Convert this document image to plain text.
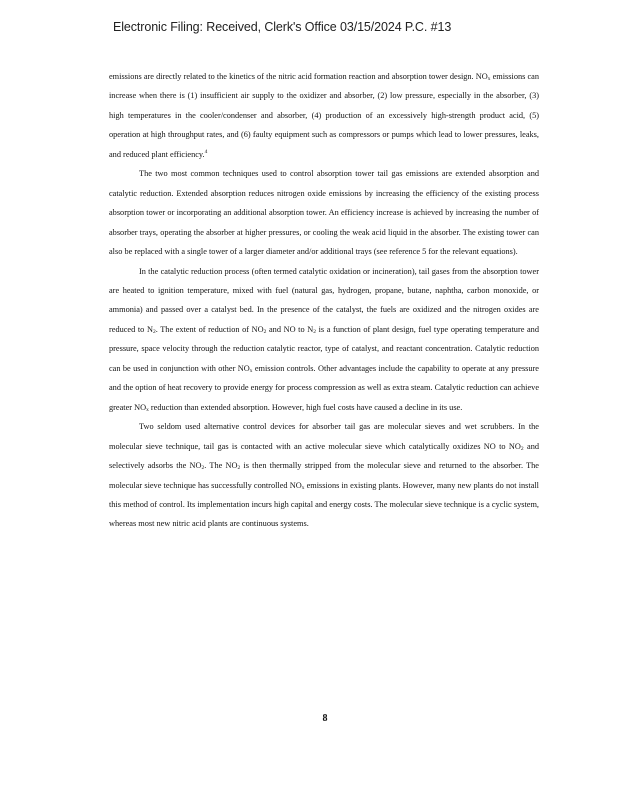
Electronic Filing: Received, Clerk's Office 03/15/2024 P.C. #13

emissions are directly related to the kinetics of the nitric acid formation reaction and absorption tower design. $NO_x$ emissions can increase when there is (1) insufficient air supply to the oxidizer and absorber, (2) low pressure, especially in the absorber, (3) high temperatures in the cooler/condenser and absorber, (4) production of an excessively high-strength product acid, (5) operation at high throughput rates, and (6) faulty equipment such as compressors or pumps which lead to lower pressures, leaks, and reduced plant efficiency.$^4$

The two most common techniques used to control absorption tower tail gas emissions are extended absorption and catalytic reduction. Extended absorption reduces nitrogen oxide emissions by increasing the efficiency of the existing process absorption tower or incorporating an additional absorption tower. An efficiency increase is achieved by increasing the number of absorber trays, operating the absorber at higher pressures, or cooling the weak acid liquid in the absorber. The existing tower can also be replaced with a single tower of a larger diameter and/or additional trays (see reference 5 for the relevant equations).

In the catalytic reduction process (often termed catalytic oxidation or incineration), tail gases from the absorption tower are heated to ignition temperature, mixed with fuel (natural gas, hydrogen, propane, butane, naphtha, carbon monoxide, or ammonia) and passed over a catalyst bed. In the presence of the catalyst, the fuels are oxidized and the nitrogen oxides are reduced to $N_2$. The extent of reduction of $NO_2$ and NO to $N_2$ is a function of plant design, fuel type operating temperature and pressure, space velocity through the reduction catalytic reactor, type of catalyst, and reactant concentration. Catalytic reduction can be used in conjunction with other $NO_x$ emission controls. Other advantages include the capability to operate at any pressure and the option of heat recovery to provide energy for process compression as well as extra steam. Catalytic reduction can achieve greater $NO_x$ reduction than extended absorption. However, high fuel costs have caused a decline in its use.

Two seldom used alternative control devices for absorber tail gas are molecular sieves and wet scrubbers. In the molecular sieve technique, tail gas is contacted with an active molecular sieve which catalytically oxidizes NO to $NO_2$ and selectively adsorbs the $NO_2$. The $NO_2$ is then thermally stripped from the molecular sieve and returned to the absorber. The molecular sieve technique has successfully controlled $NO_x$ emissions in existing plants. However, many new plants do not install this method of control. Its implementation incurs high capital and energy costs. The molecular sieve technique is a cyclic system, whereas most new nitric acid plants are continuous systems.

8
